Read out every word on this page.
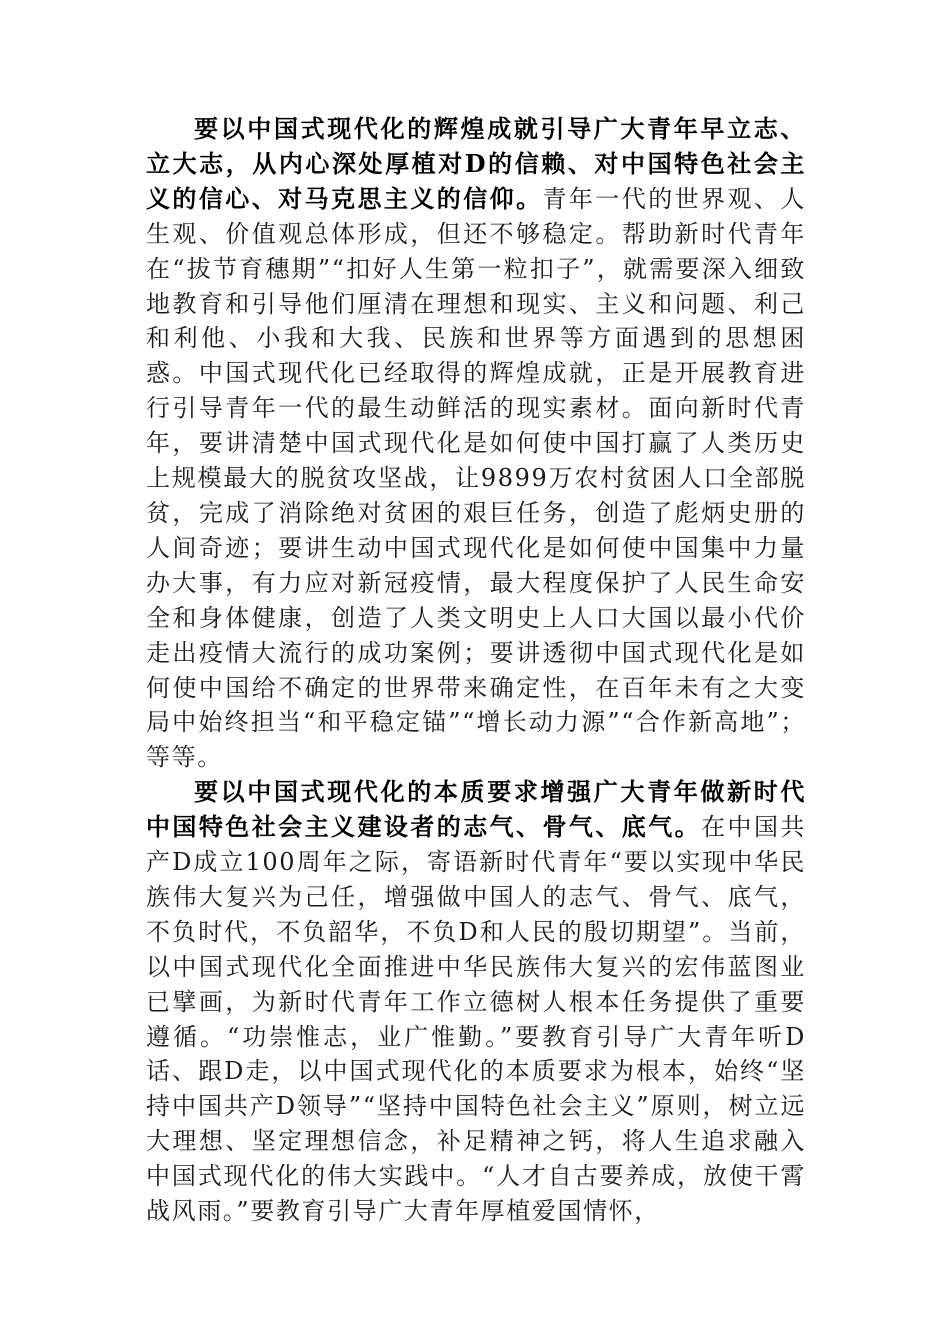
要以中国式现代化的辉煌成就引导广大青年早立志、立大志，从内心深处厚植对D的信赖、对中国特色社会主义的信心、对马克思主义的信仰。青年一代的世界观、人生观、价值观总体形成，但还不够稳定。帮助新时代青年在“拔节育穗期”“扣好人生第一粒扣子”，就需要深入细致地教育和引导他们厘清在理想和现实、主义和问题、利己和利他、小我和大我、民族和世界等方面遇到的思想困惑。中国式现代化已经取得的辉煌成就，正是开展教育进行引导青年一代的最生动鲜活的现实素材。面向新时代青年，要讲清楚中国式现代化是如何使中国打赢了人类历史上规模最大的脱贫攻坚战，让9899万农村贫困人口全部脱贫，完成了消除绝对贫困的艰巨任务，创造了彪炳史册的人间奇迹；要讲生动中国式现代化是如何使中国集中力量办大事，有力应对新冠疫情，最大程度保护了人民生命安全和身体健康，创造了人类文明史上人口大国以最小代价走出疫情大流行的成功案例；要讲透彻中国式现代化是如何使中国给不确定的世界带来确定性，在百年未有之大变局中始终担当“和平稳定锚”“增长动力源”“合作新高地”；等等。

要以中国式现代化的本质要求增强广大青年做新时代中国特色社会主义建设者的志气、骨气、底气。在中国共产D成立100周年之际，寄语新时代青年“要以实现中华民族伟大复兴为己任，增强做中国人的志气、骨气、底气，不负时代，不负韶华，不负D和人民的殷切期望”。当前，以中国式现代化全面推进中华民族伟大复兴的宏伟蓝图业已擘画，为新时代青年工作立德树人根本任务提供了重要遵循。“功崇惟志，业广惟勤。”要教育引导广大青年听D话、跟D走，以中国式现代化的本质要求为根本，始终“坚持中国共产D领导”“坚持中国特色社会主义”原则，树立远大理想、坚定理想信念，补足精神之钙，将人生追求融入中国式现代化的伟大实践中。“人才自古要养成，放使干霄战风雨。”要教育引导广大青年厚植爱国情怀，
